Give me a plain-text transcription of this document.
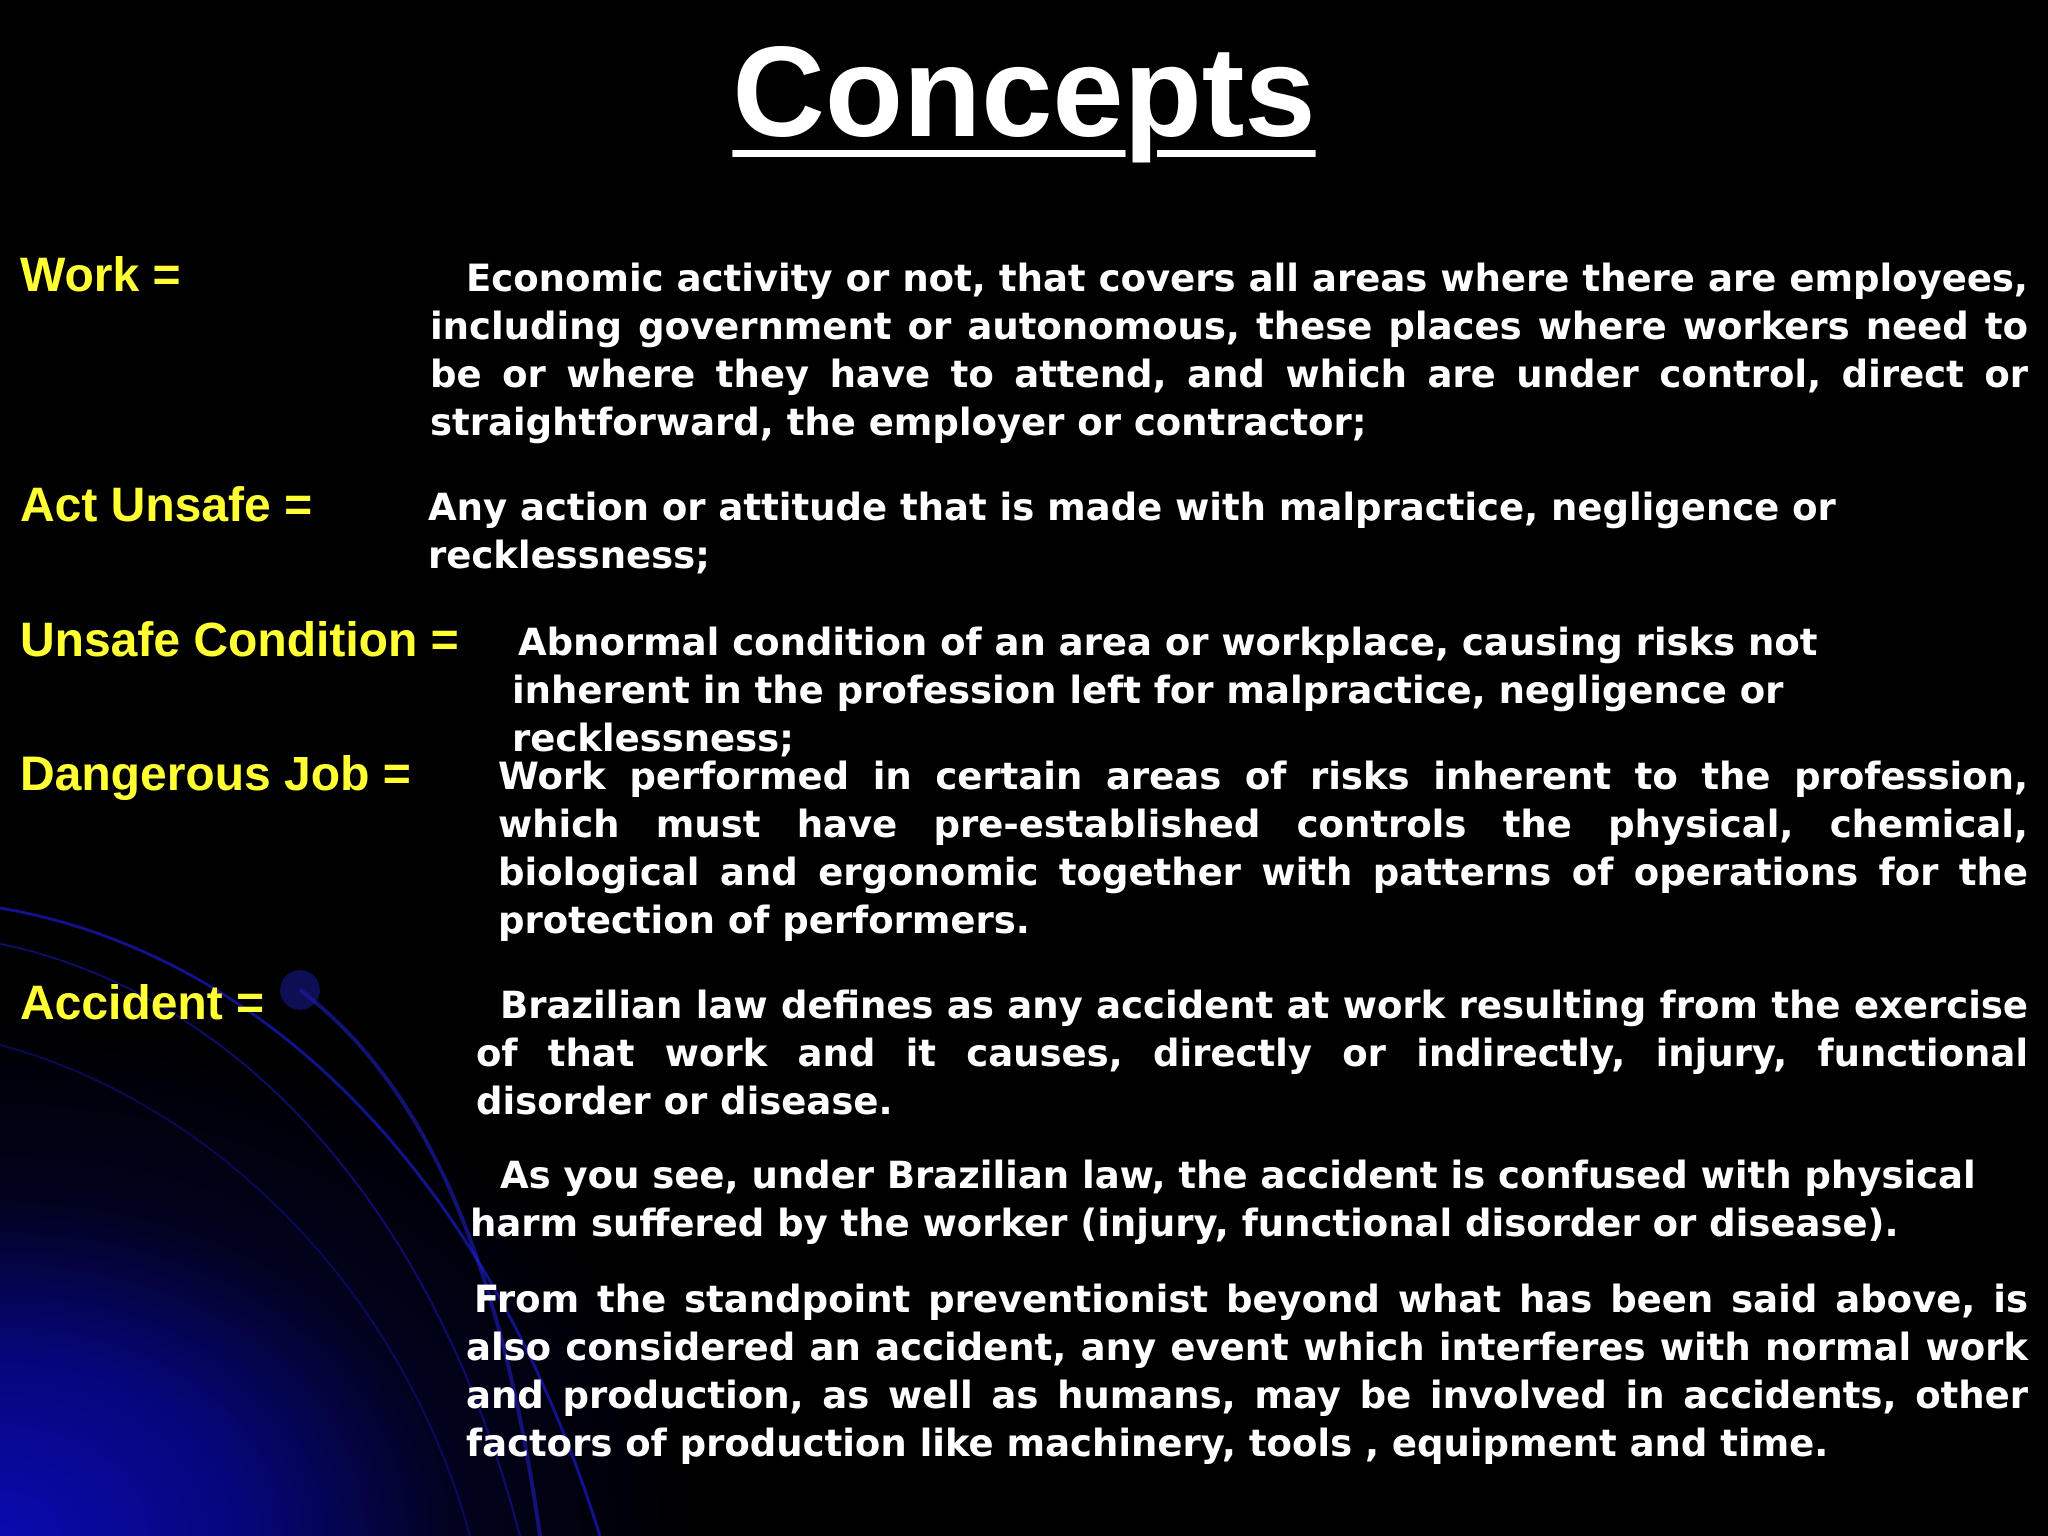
Concepts
Work =	Economic activity or not, that covers all areas where there are employees, including government or autonomous, these places where workers need to be or where they have to attend, and which are under control, direct or straightforward, the employer or contractor;

Act Unsafe =	Any action or attitude that is made with malpractice, negligence or recklessness;

Unsafe Condition = Abnormal condition of an area or workplace, causing risks not inherent in the profession left for malpractice, negligence or recklessness;

Dangerous Job = Work performed in certain areas of risks inherent to the profession, which must have pre-established controls the physical, chemical, biological and ergonomic together with patterns of operations for the protection of performers.

Accident =	Brazilian law defines as any accident at work resulting from the exercise of that work and it causes, directly or indirectly, injury, functional disorder or disease.

As you see, under Brazilian law, the accident is confused with physical harm suffered by the worker (injury, functional disorder or disease).

From the standpoint preventionist beyond what has been said above, is also considered an accident, any event which interferes with normal work and production, as well as humans, may be involved in accidents, other factors of production like machinery, tools , equipment and time.
